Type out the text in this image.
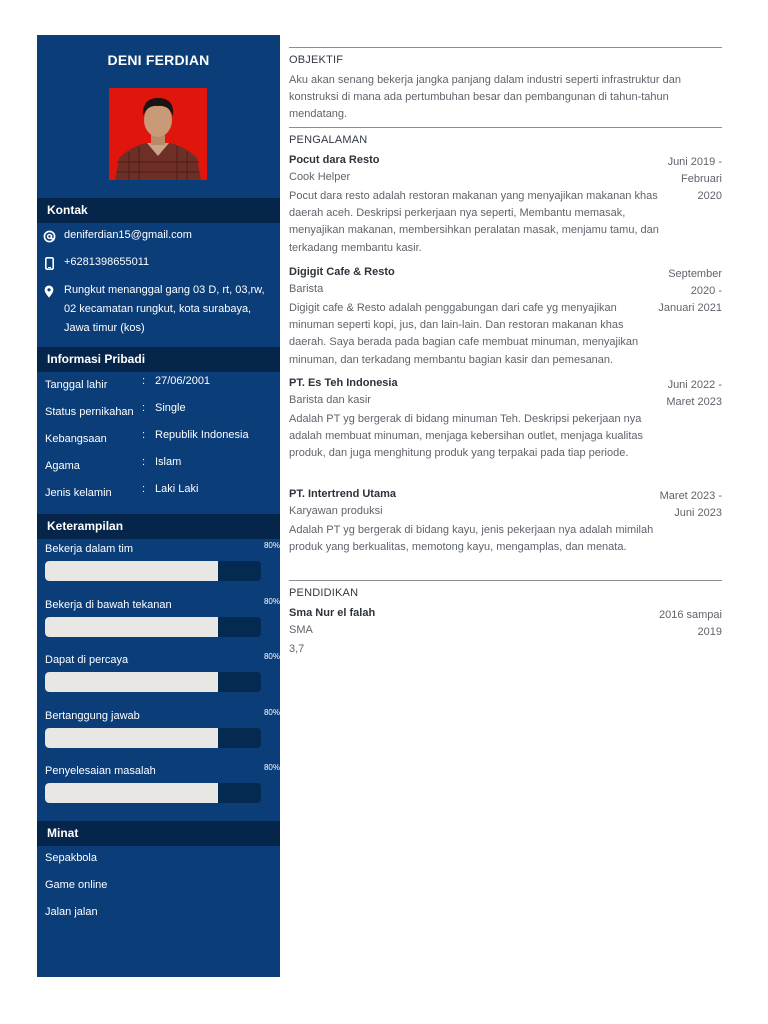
DENI FERDIAN
Kontak
deniferdian15@gmail.com
+6281398655011
Rungkut menanggal gang 03 D, rt, 03,rw, 02 kecamatan rungkut, kota surabaya, Jawa timur (kos)
Informasi Pribadi
Tanggal lahir	: 27/06/2001
Status pernikahan : Single
Kebangsaan	: Republik Indonesia
Agama	: Islam
Jenis kelamin	: Laki Laki
Keterampilan
Bekerja dalam tim	80%
Bekerja di bawah tekanan	80%
Dapat di percaya	80%
Bertanggung jawab	80%
Penyelesaian masalah	80%
Minat
Sepakbola
Game online
Jalan jalan
OBJEKTIF
Aku akan senang bekerja jangka panjang dalam industri seperti infrastruktur dan konstruksi di mana ada pertumbuhan besar dan pembangunan di tahun-tahun mendatang.
PENGALAMAN
Pocut dara Resto
Cook Helper
Pocut dara resto adalah restoran makanan yang menyajikan makanan khas daerah aceh. Deskripsi perkerjaan nya seperti, Membantu memasak, menyajikan makanan, membersihkan peralatan masak, menjamu tamu, dan terkadang membantu kasir.
Juni 2019 - Februari 2020
Digigit Cafe & Resto
Barista
Digigit cafe & Resto adalah penggabungan dari cafe yg menyajikan minuman seperti kopi, jus, dan lain-lain. Dan restoran makanan khas daerah. Saya berada pada bagian cafe membuat minuman, menyajikan minuman, dan terkadang membantu bagian kasir dan pemesanan.
September 2020 - Januari 2021
PT. Es Teh Indonesia
Barista dan kasir
Adalah PT yg bergerak di bidang minuman Teh. Deskripsi pekerjaan nya adalah membuat minuman, menjaga kebersihan outlet, menjaga kualitas produk, dan juga menghitung produk yang terpakai pada tiap periode.
Juni 2022 - Maret 2023
PT. Intertrend Utama
Karyawan produksi
Adalah PT yg bergerak di bidang kayu, jenis pekerjaan nya adalah mimilah produk yang berkualitas, memotong kayu, mengamplas, dan menata.
Maret 2023 - Juni 2023
PENDIDIKAN
Sma Nur el falah
SMA
3,7
2016 sampai 2019
